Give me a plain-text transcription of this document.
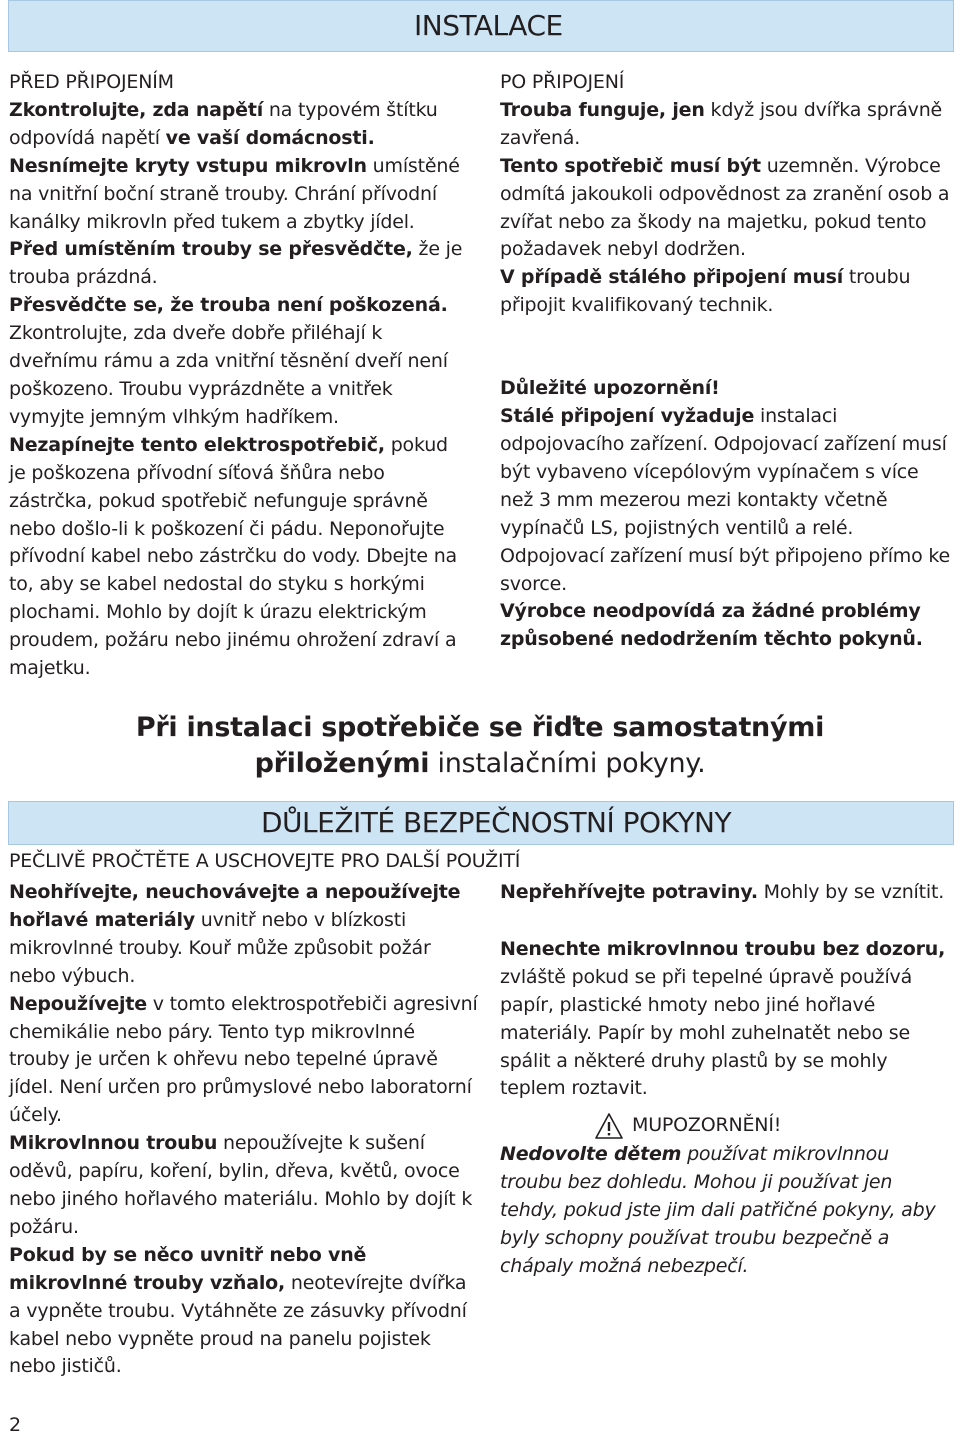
INSTALACE

PŘED PŘIPOJENÍM

Zkontrolujte, zda napětí na typovém štítku odpovídá napětí ve vaší domácnosti.

Nesnímejte kryty vstupu mikrovln umístěné na vnitřní boční straně trouby. Chrání přívodní kanálky mikrovln před tukem a zbytky jídel.

Před umístěním trouby se přesvědčte, že je trouba prázdná.

Přesvědčte se, že trouba není poškozená. Zkontrolujte, zda dveře dobře přiléhají k dveřnímu rámu a zda vnitřní těsnění dveří není poškozeno. Troubu vyprázdněte a vnitřek vymyjte jemným vlhkým hadříkem.

Nezapínejte tento elektrospotřebič, pokud je poškozena přívodní síťová šňůra nebo zástrčka, pokud spotřebič nefunguje správně nebo došlo-li k poškození či pádu. Neponořujte přívodní kabel nebo zástrčku do vody. Dbejte na to, aby se kabel nedostal do styku s horkými plochami. Mohlo by dojít k úrazu elektrickým proudem, požáru nebo jinému ohrožení zdraví a majetku.

PO PŘIPOJENÍ

Trouba funguje, jen když jsou dvířka správně zavřená.

Tento spotřebič musí být uzemněn. Výrobce odmítá jakoukoli odpovědnost za zranění osob a zvířat nebo za škody na majetku, pokud tento požadavek nebyl dodržen.

V případě stálého připojení musí troubu připojit kvalifikovaný technik.

Důležité upozornění!

Stálé připojení vyžaduje instalaci odpojovacího zařízení. Odpojovací zařízení musí být vybaveno vícepólovým vypínačem s více než 3 mm mezerou mezi kontakty včetně vypínačů LS, pojistných ventilů a relé. Odpojovací zařízení musí být připojeno přímo ke svorce.

Výrobce neodpovídá za žádné problémy způsobené nedodržením těchto pokynů.

Při instalaci spotřebiče se řiďte samostatnými
přiloženými instalačními pokyny.
DŮLEŽITÉ BEZPEČNOSTNÍ POKYNY
PEČLIVĚ PROČTĚTE A USCHOVEJTE PRO DALŠÍ POUŽITÍ

Neohřívejte, neuchovávejte a nepoužívejte hořlavé materiály uvnitř nebo v blízkosti mikrovlnné trouby. Kouř může způsobit požár nebo výbuch.

Nepoužívejte v tomto elektrospotřebiči agresivní chemikálie nebo páry. Tento typ mikrovlnné trouby je určen k ohřevu nebo tepelné úpravě jídel. Není určen pro průmyslové nebo laboratorní účely.

Mikrovlnnou troubu nepoužívejte k sušení oděvů, papíru, koření, bylin, dřeva, květů, ovoce nebo jiného hořlavého materiálu. Mohlo by dojít k požáru.

Pokud by se něco uvnitř nebo vně mikrovlnné trouby vzňalo, neotevírejte dvířka a vypněte troubu. Vytáhněte ze zásuvky přívodní kabel nebo vypněte proud na panelu pojistek nebo jističů.

Nepřehřívejte potraviny. Mohly by se vznítit.

Nenechte mikrovlnnou troubu bez dozoru, zvláště pokud se při tepelné úpravě používá papír, plastické hmoty nebo jiné hořlavé materiály. Papír by mohl zuhelnatět nebo se spálit a některé druhy plastů by se mohly teplem roztavit.

MUPOZORNĚNÍ!

Nedovolte dětem používat mikrovlnnou troubu bez dohledu. Mohou ji používat jen tehdy, pokud jste jim dali patřičné pokyny, aby byly schopny používat troubu bezpečně a chápaly možná nebezpečí.

2
